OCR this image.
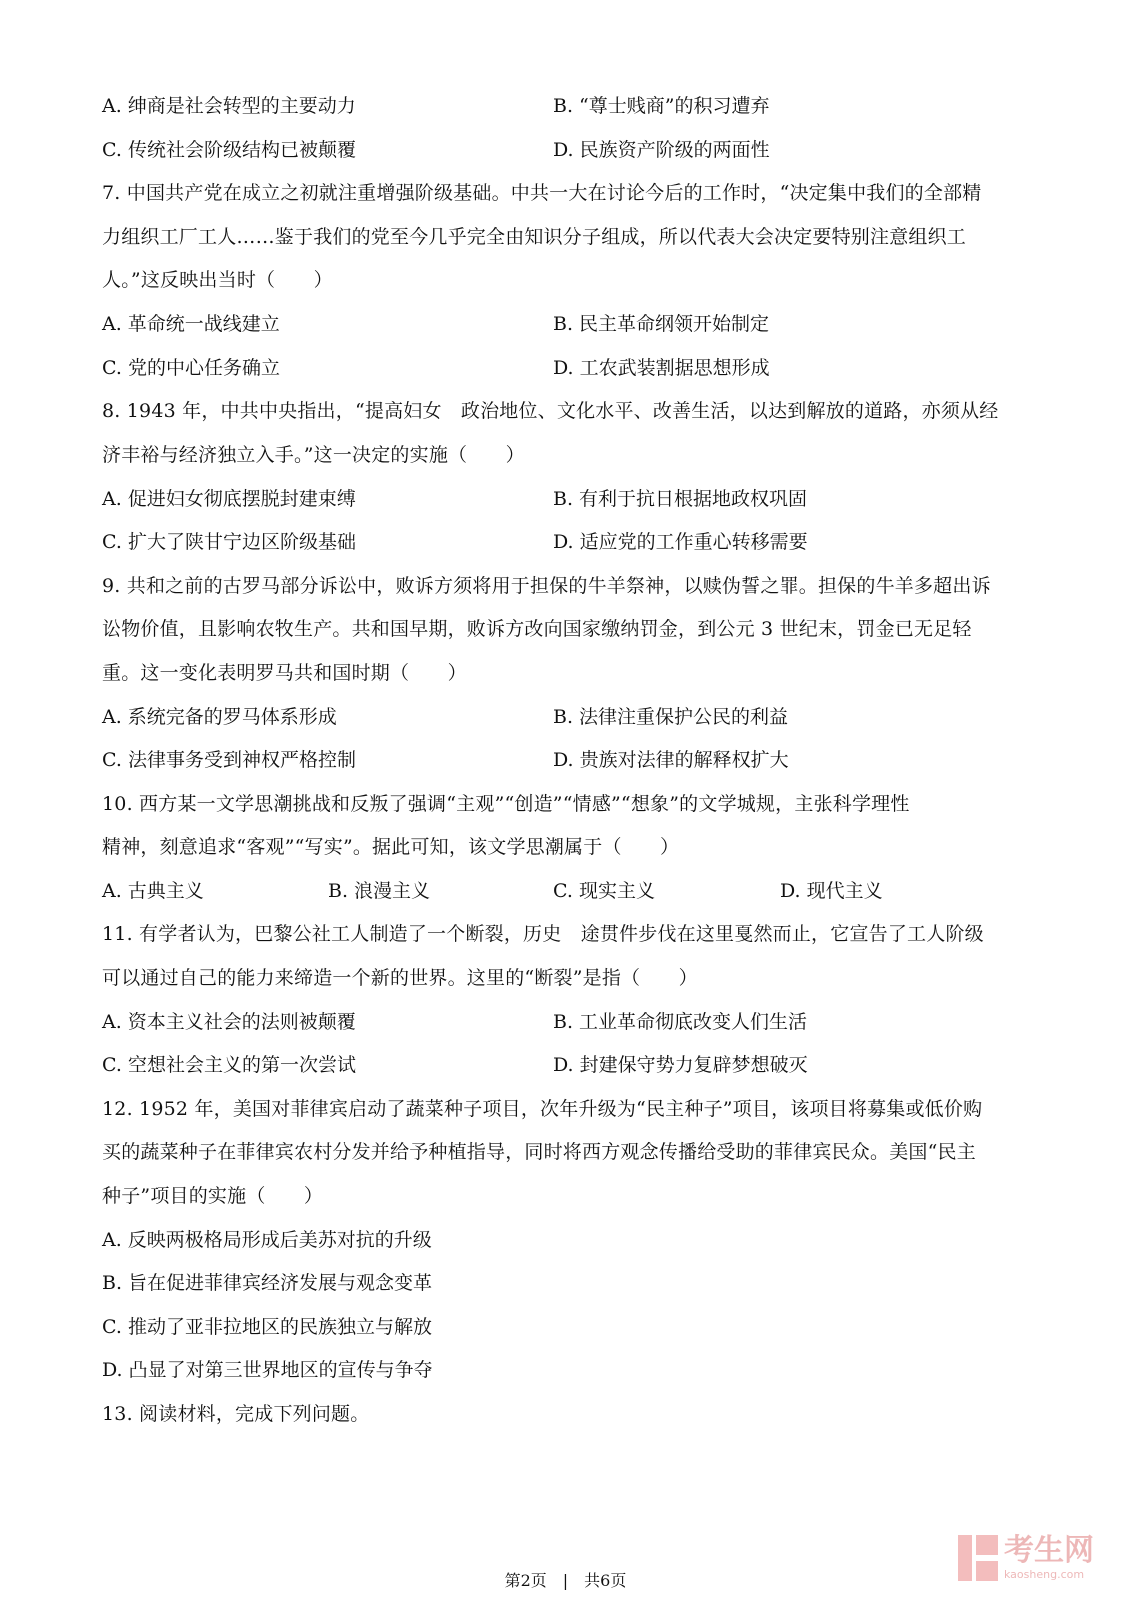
A. 绅商是社会转型的主要动力	B. “尊士贱商”的积习遭弃
C. 传统社会阶级结构已被颠覆	D. 民族资产阶级的两面性
7. 中国共产党在成立之初就注重增强阶级基础。中共一大在讨论今后的工作时，“决定集中我们的全部精
力组织工厂工人……鉴于我们的党至今几乎完全由知识分子组成，所以代表大会决定要特别注意组织工
人。”这反映出当时（　　）
A. 革命统一战线建立	B. 民主革命纲领开始制定
C. 党的中心任务确立	D. 工农武装割据思想形成
8. 1943 年，中共中央指出，“提高妇女　政治地位、文化水平、改善生活，以达到解放的道路，亦须从经
济丰裕与经济独立入手。”这一决定的实施（　　）
A. 促进妇女彻底摆脱封建束缚	B. 有利于抗日根据地政权巩固
C. 扩大了陕甘宁边区阶级基础	D. 适应党的工作重心转移需要
9. 共和之前的古罗马部分诉讼中，败诉方须将用于担保的牛羊祭神，以赎伪誓之罪。担保的牛羊多超出诉
讼物价值，且影响农牧生产。共和国早期，败诉方改向国家缴纳罚金，到公元 3 世纪末，罚金已无足轻
重。这一变化表明罗马共和国时期（　　）
A. 系统完备的罗马体系形成	B. 法律注重保护公民的利益
C. 法律事务受到神权严格控制	D. 贵族对法律的解释权扩大
10. 西方某一文学思潮挑战和反叛了强调“主观”“创造”“情感”“想象”的文学城规，主张科学理性
精神，刻意追求“客观”“写实”。据此可知，该文学思潮属于（　　）
A. 古典主义	B. 浪漫主义	C. 现实主义	D. 现代主义
11. 有学者认为，巴黎公社工人制造了一个断裂，历史　途贯件步伐在这里戛然而止，它宣告了工人阶级
可以通过自己的能力来缔造一个新的世界。这里的“断裂”是指（　　）
A. 资本主义社会的法则被颠覆	B. 工业革命彻底改变人们生活
C. 空想社会主义的第一次尝试	D. 封建保守势力复辟梦想破灭
12. 1952 年，美国对菲律宾启动了蔬菜种子项目，次年升级为“民主种子”项目，该项目将募集或低价购
买的蔬菜种子在菲律宾农村分发并给予种植指导，同时将西方观念传播给受助的菲律宾民众。美国“民主
种子”项目的实施（　　）
A. 反映两极格局形成后美苏对抗的升级
B. 旨在促进菲律宾经济发展与观念变革
C. 推动了亚非拉地区的民族独立与解放
D. 凸显了对第三世界地区的宣传与争夺
13. 阅读材料，完成下列问题。
考生网
kaosheng.com
第2页　|　共6页
